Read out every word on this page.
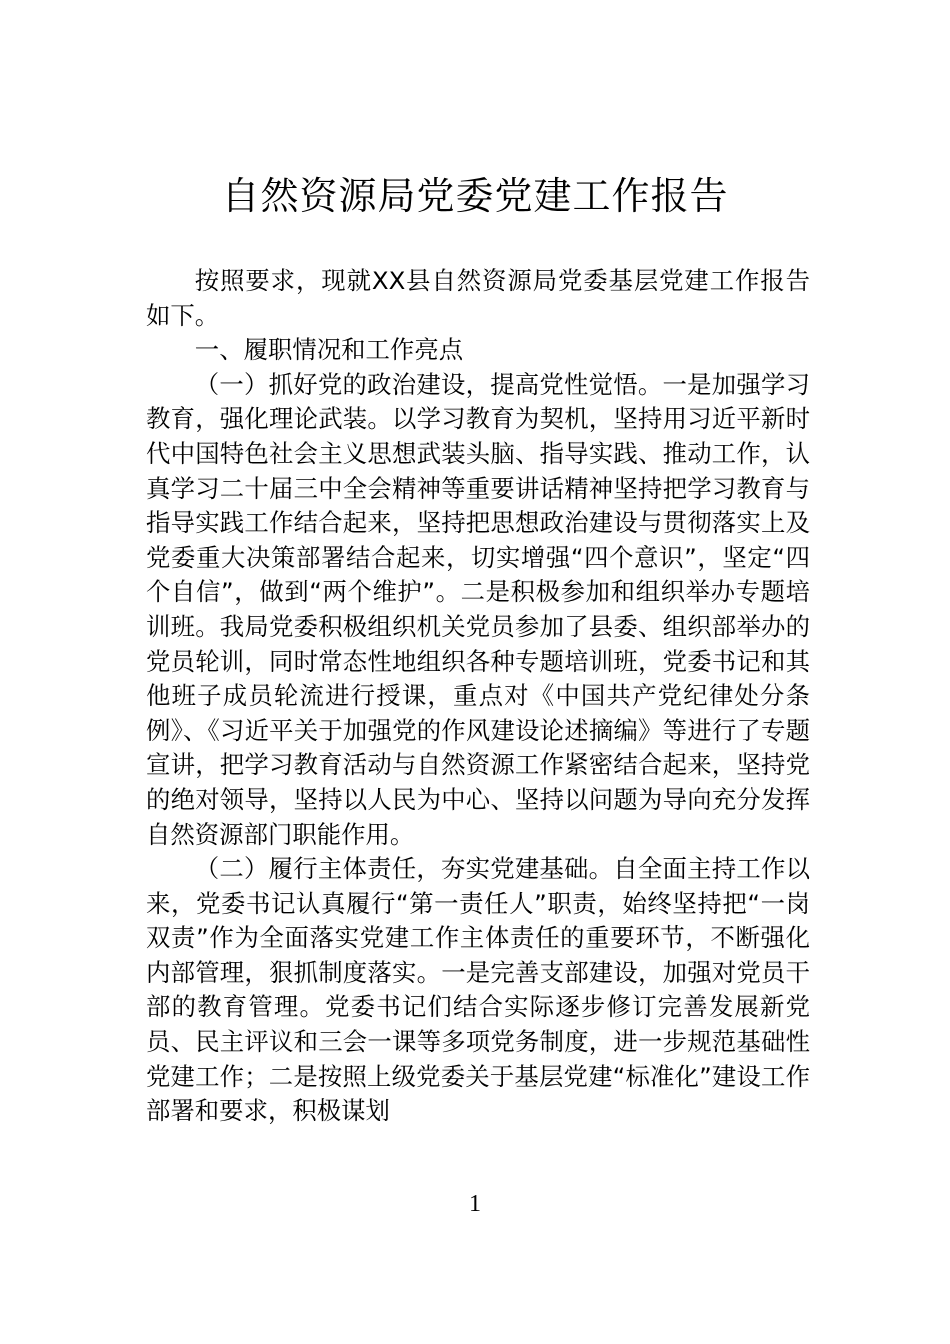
自然资源局党委党建工作报告

按照要求，现就XX县自然资源局党委基层党建工作报告如下。

一、履职情况和工作亮点

（一）抓好党的政治建设，提高党性觉悟。一是加强学习教育，强化理论武装。以学习教育为契机，坚持用习近平新时代中国特色社会主义思想武装头脑、指导实践、推动工作，认真学习二十届三中全会精神等重要讲话精神坚持把学习教育与指导实践工作结合起来，坚持把思想政治建设与贯彻落实上及党委重大决策部署结合起来，切实增强“四个意识”，坚定“四个自信”，做到“两个维护”。二是积极参加和组织举办专题培训班。我局党委积极组织机关党员参加了县委、组织部举办的党员轮训，同时常态性地组织各种专题培训班，党委书记和其他班子成员轮流进行授课，重点对《中国共产党纪律处分条例》、《习近平关于加强党的作风建设论述摘编》等进行了专题宣讲，把学习教育活动与自然资源工作紧密结合起来，坚持党的绝对领导，坚持以人民为中心、坚持以问题为导向充分发挥自然资源部门职能作用。

（二）履行主体责任，夯实党建基础。自全面主持工作以来，党委书记认真履行“第一责任人”职责，始终坚持把“一岗双责”作为全面落实党建工作主体责任的重要环节，不断强化内部管理，狠抓制度落实。一是完善支部建设，加强对党员干部的教育管理。党委书记们结合实际逐步修订完善发展新党员、民主评议和三会一课等多项党务制度，进一步规范基础性党建工作；二是按照上级党委关于基层党建“标准化”建设工作部署和要求，积极谋划

1
